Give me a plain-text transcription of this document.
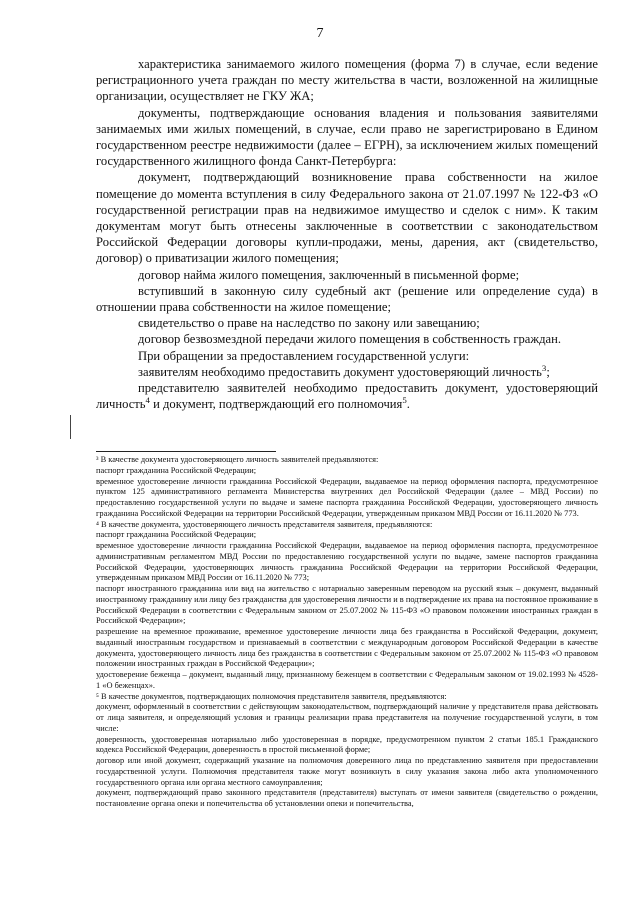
7

характеристика занимаемого жилого помещения (форма 7) в случае, если ведение регистрационного учета граждан по месту жительства в части, возложенной на жилищные организации, осуществляет не ГКУ ЖА;

документы, подтверждающие основания владения и пользования заявителями занимаемых ими жилых помещений, в случае, если право не зарегистрировано в Едином государственном реестре недвижимости (далее – ЕГРН), за исключением жилых помещений государственного жилищного фонда Санкт-Петербурга:

документ, подтверждающий возникновение права собственности на жилое помещение до момента вступления в силу Федерального закона от 21.07.1997 № 122-ФЗ «О государственной регистрации прав на недвижимое имущество и сделок с ним». К таким документам могут быть отнесены заключенные в соответствии с законодательством Российской Федерации договоры купли-продажи, мены, дарения, акт (свидетельство, договор) о приватизации жилого помещения;

договор найма жилого помещения, заключенный в письменной форме;

вступивший в законную силу судебный акт (решение или определение суда) в отношении права собственности на жилое помещение;

свидетельство о праве на наследство по закону или завещанию;

договор безвозмездной передачи жилого помещения в собственность граждан.

При обращении за предоставлением государственной услуги:

заявителям необходимо предоставить документ удостоверяющий личность$^3$;

представителю заявителей необходимо предоставить документ, удостоверяющий личность$^4$ и документ, подтверждающий его полномочия$^5$.

³ В качестве документа удостоверяющего личность заявителей предъявляются:

паспорт гражданина Российской Федерации;

временное удостоверение личности гражданина Российской Федерации, выдаваемое на период оформления паспорта, предусмотренное пунктом 125 административного регламента Министерства внутренних дел Российской Федерации (далее – МВД России) по предоставлению государственной услуги по выдаче и замене паспорта гражданина Российской Федерации, удостоверяющего личность гражданина Российской Федерации на территории Российской Федерации, утвержденным приказом МВД России от 16.11.2020 № 773.

⁴ В качестве документа, удостоверяющего личность представителя заявителя, предъявляются:

паспорт гражданина Российской Федерации;

временное удостоверение личности гражданина Российской Федерации, выдаваемое на период оформления паспорта, предусмотренное административным регламентом МВД России по предоставлению государственной услуги по выдаче, замене паспортов гражданина Российской Федерации, удостоверяющих личность гражданина Российской Федерации на территории Российской Федерации, утвержденным приказом МВД России от 16.11.2020 № 773;

паспорт иностранного гражданина или вид на жительство с нотариально заверенным переводом на русский язык – документ, выданный иностранному гражданину или лицу без гражданства для удостоверения личности и в подтверждение их права на постоянное проживание в Российской Федерации в соответствии с Федеральным законом от 25.07.2002 № 115-ФЗ «О правовом положении иностранных граждан в Российской Федерации»;

разрешение на временное проживание, временное удостоверение личности лица без гражданства в Российской Федерации, документ, выданный иностранным государством и признаваемый в соответствии с международным договором Российской Федерации в качестве документа, удостоверяющего личность лица без гражданства в соответствии с Федеральным законом от 25.07.2002 № 115-ФЗ «О правовом положении иностранных граждан в Российской Федерации»;

удостоверение беженца – документ, выданный лицу, признанному беженцем в соответствии с Федеральным законом от 19.02.1993 № 4528-1 «О беженцах».

⁵ В качестве документов, подтверждающих полномочия представителя заявителя, предъявляются:

документ, оформленный в соответствии с действующим законодательством, подтверждающий наличие у представителя права действовать от лица заявителя, и определяющий условия и границы реализации права представителя на получение государственной услуги, в том числе:

доверенность, удостоверенная нотариально либо удостоверенная в порядке, предусмотренном пунктом 2 статьи 185.1 Гражданского кодекса Российской Федерации, доверенность в простой письменной форме;

договор или иной документ, содержащий указание на полномочия доверенного лица по представлению заявителя при предоставлении государственной услуги. Полномочия представителя также могут возникнуть в силу указания закона либо акта уполномоченного государственного органа или органа местного самоуправления;

документ, подтверждающий право законного представителя (представителя) выступать от имени заявителя (свидетельство о рождении, постановление органа опеки и попечительства об установлении опеки и попечительства,
